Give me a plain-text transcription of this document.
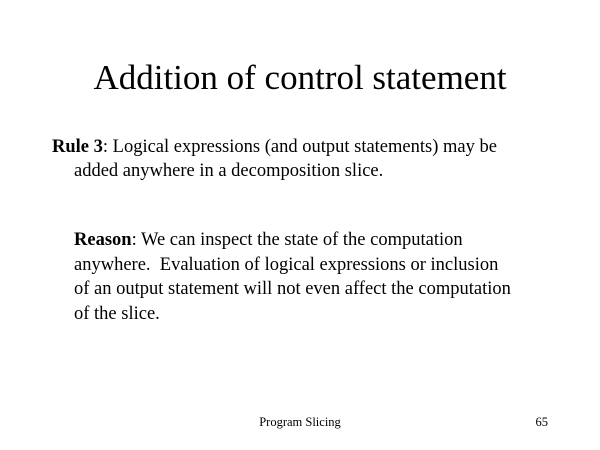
Addition of control statement
Rule 3: Logical expressions (and output statements) may be
added anywhere in a decomposition slice.
Reason: We can inspect the state of the computation
anywhere.  Evaluation of logical expressions or inclusion
of an output statement will not even affect the computation
of the slice.
Program Slicing	65
